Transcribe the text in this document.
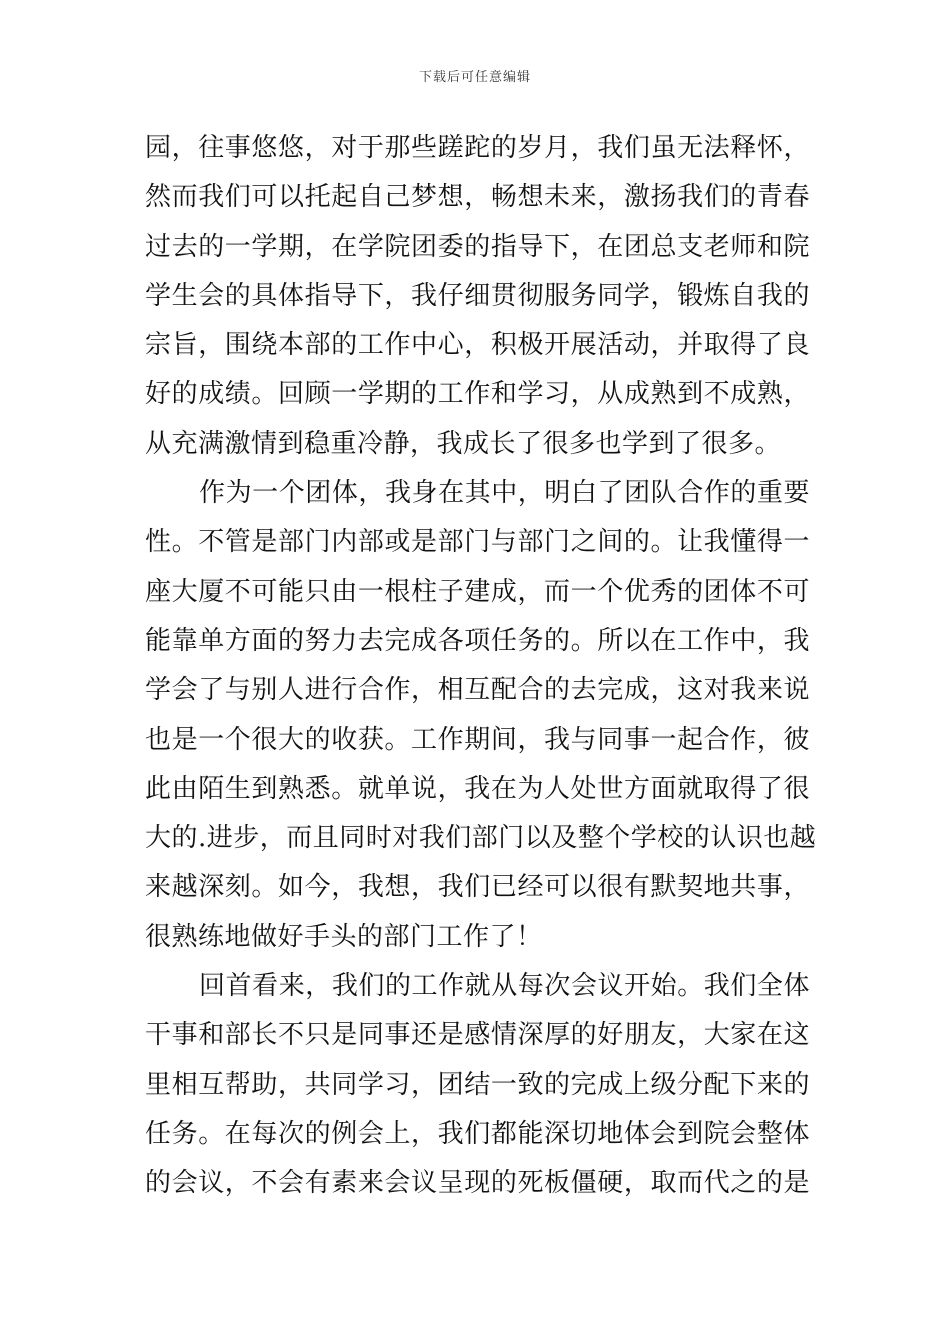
下载后可任意编辑
园，往事悠悠，对于那些蹉跎的岁月，我们虽无法释怀，
然而我们可以托起自己梦想，畅想未来，激扬我们的青春
过去的一学期，在学院团委的指导下，在团总支老师和院
学生会的具体指导下，我仔细贯彻服务同学，锻炼自我的
宗旨，围绕本部的工作中心，积极开展活动，并取得了良
好的成绩。回顾一学期的工作和学习，从成熟到不成熟，
从充满激情到稳重冷静，我成长了很多也学到了很多。
作为一个团体，我身在其中，明白了团队合作的重要
性。不管是部门内部或是部门与部门之间的。让我懂得一
座大厦不可能只由一根柱子建成，而一个优秀的团体不可
能靠单方面的努力去完成各项任务的。所以在工作中，我
学会了与别人进行合作，相互配合的去完成，这对我来说
也是一个很大的收获。工作期间，我与同事一起合作，彼
此由陌生到熟悉。就单说，我在为人处世方面就取得了很
大的.进步，而且同时对我们部门以及整个学校的认识也越
来越深刻。如今，我想，我们已经可以很有默契地共事，
很熟练地做好手头的部门工作了！
回首看来，我们的工作就从每次会议开始。我们全体
干事和部长不只是同事还是感情深厚的好朋友，大家在这
里相互帮助，共同学习，团结一致的完成上级分配下来的
任务。在每次的例会上，我们都能深切地体会到院会整体
的会议，不会有素来会议呈现的死板僵硬，取而代之的是
